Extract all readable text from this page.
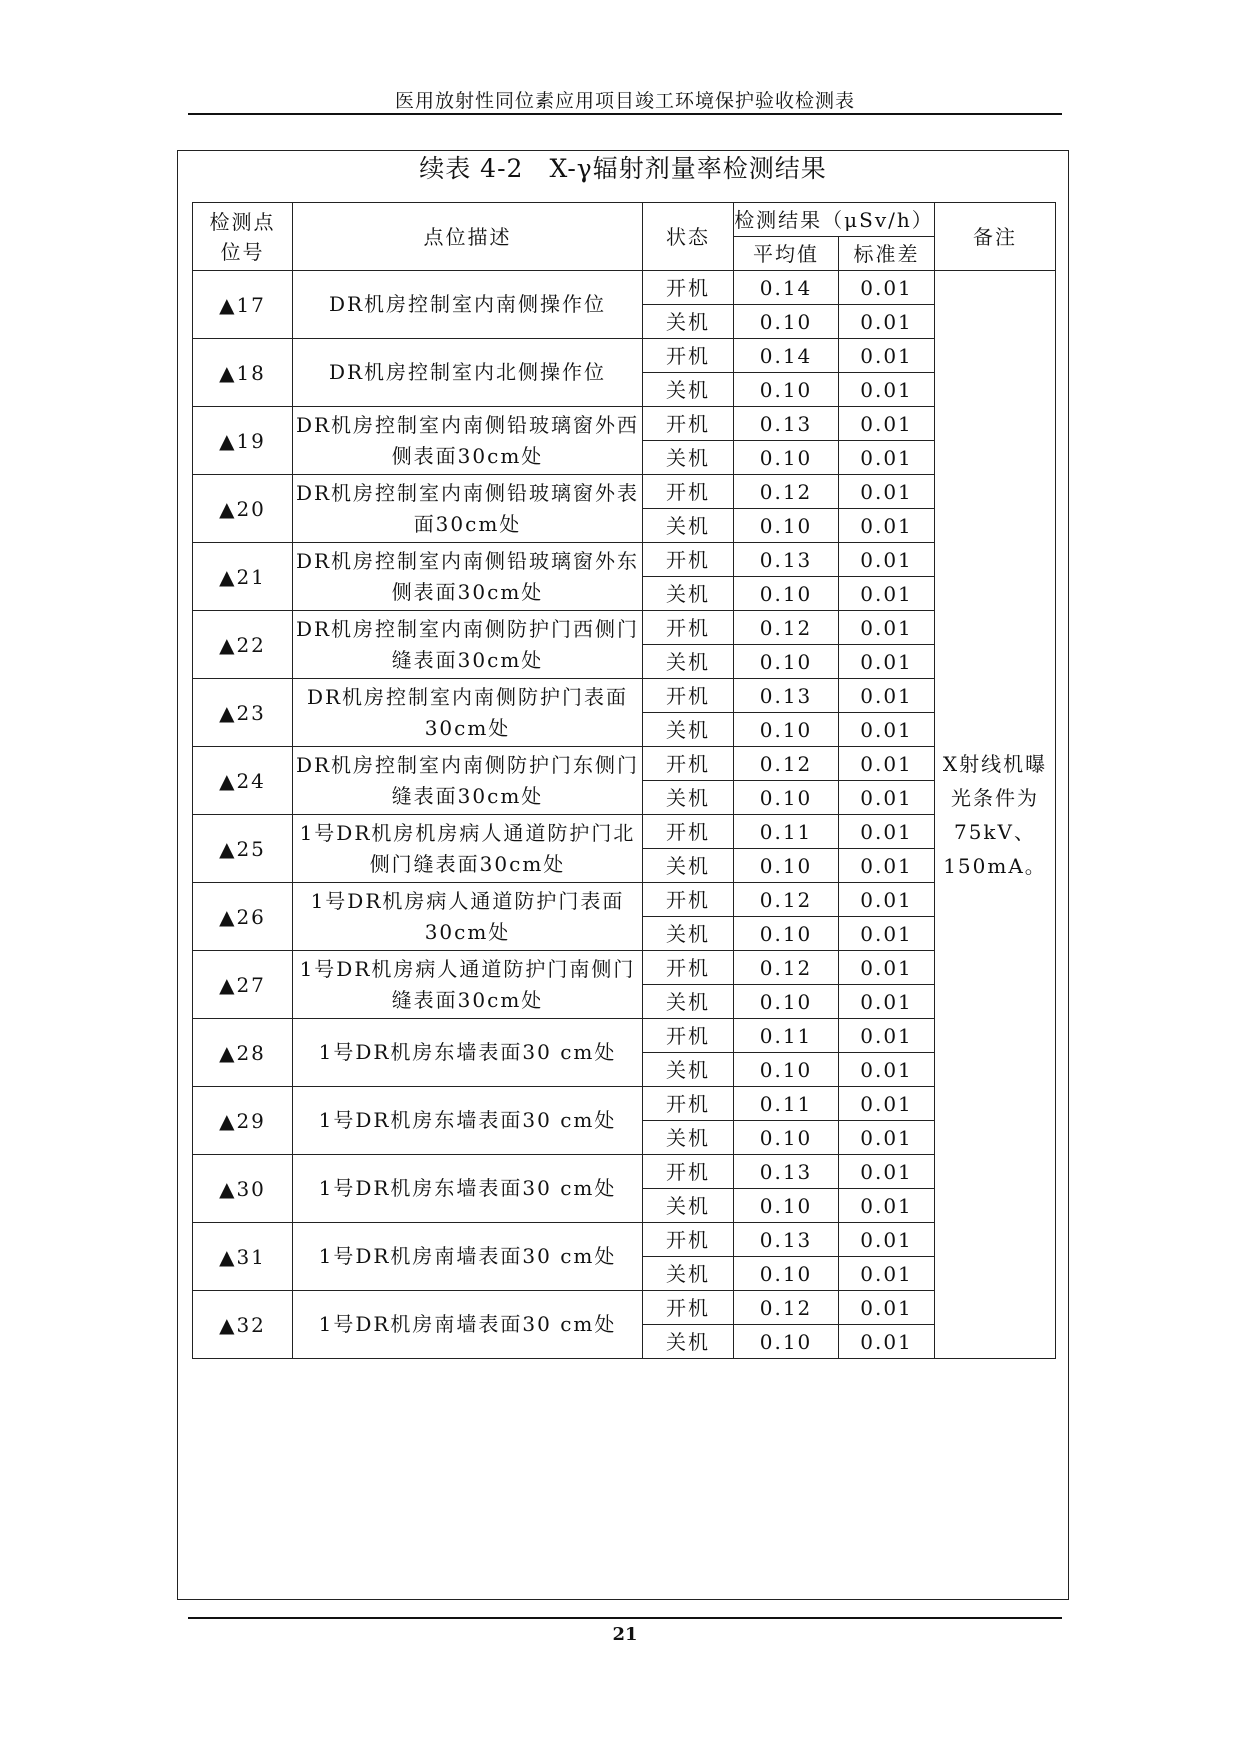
医用放射性同位素应用项目竣工环境保护验收检测表
续表 4-2　X-γ辐射剂量率检测结果
检测点位号	点位描述	状态	检测结果（μSv/h）		备注
			平均值	标准差	
▲17	DR机房控制室内南侧操作位	开机	0.14	0.01	X射线机曝光条件为75kV、150mA。
		关机	0.10	0.01	
▲18	DR机房控制室内北侧操作位	开机	0.14	0.01	
		关机	0.10	0.01	
▲19	DR机房控制室内南侧铅玻璃窗外西侧表面30cm处	开机	0.13	0.01	
		关机	0.10	0.01	
▲20	DR机房控制室内南侧铅玻璃窗外表面30cm处	开机	0.12	0.01	
		关机	0.10	0.01	
▲21	DR机房控制室内南侧铅玻璃窗外东侧表面30cm处	开机	0.13	0.01	
		关机	0.10	0.01	
▲22	DR机房控制室内南侧防护门西侧门缝表面30cm处	开机	0.12	0.01	
		关机	0.10	0.01	
▲23	DR机房控制室内南侧防护门表面30cm处	开机	0.13	0.01	
		关机	0.10	0.01	
▲24	DR机房控制室内南侧防护门东侧门缝表面30cm处	开机	0.12	0.01	
		关机	0.10	0.01	
▲25	1号DR机房机房病人通道防护门北侧门缝表面30cm处	开机	0.11	0.01	
		关机	0.10	0.01	
▲26	1号DR机房病人通道防护门表面30cm处	开机	0.12	0.01	
		关机	0.10	0.01	
▲27	1号DR机房病人通道防护门南侧门缝表面30cm处	开机	0.12	0.01	
		关机	0.10	0.01	
▲28	1号DR机房东墙表面30 cm处	开机	0.11	0.01	
		关机	0.10	0.01	
▲29	1号DR机房东墙表面30 cm处	开机	0.11	0.01	
		关机	0.10	0.01	
▲30	1号DR机房东墙表面30 cm处	开机	0.13	0.01	
		关机	0.10	0.01	
▲31	1号DR机房南墙表面30 cm处	开机	0.13	0.01	
		关机	0.10	0.01	
▲32	1号DR机房南墙表面30 cm处	开机	0.12	0.01	
		关机	0.10	0.01	
21
